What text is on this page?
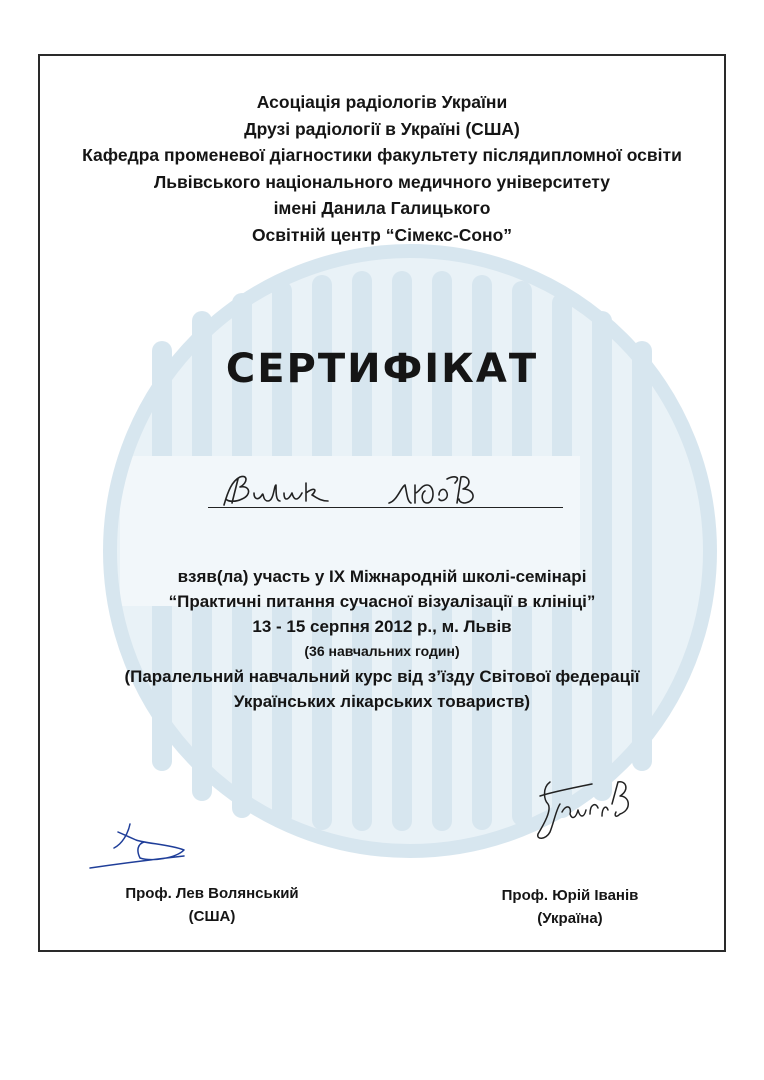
Асоціація радіологів України
Друзі радіології в Україні (США)
Кафедра променевої діагностики факультету післядипломної освіти
Львівського національного медичного університету
імені Данила Галицького
Освітній центр “Сімекс-Соно”
СЕРТИФІКАТ
взяв(ла) участь у IX Міжнародній школі-семінарі
“Практичні питання сучасної візуалізації в клініці”
13 - 15 серпня 2012 р., м. Львів
(36 навчальних годин)
(Паралельний навчальний курс від з’їзду Світової федерації
Українських лікарських товариств)
Проф. Лев Волянський
(США)
Проф. Юрій Іванів
(Україна)
